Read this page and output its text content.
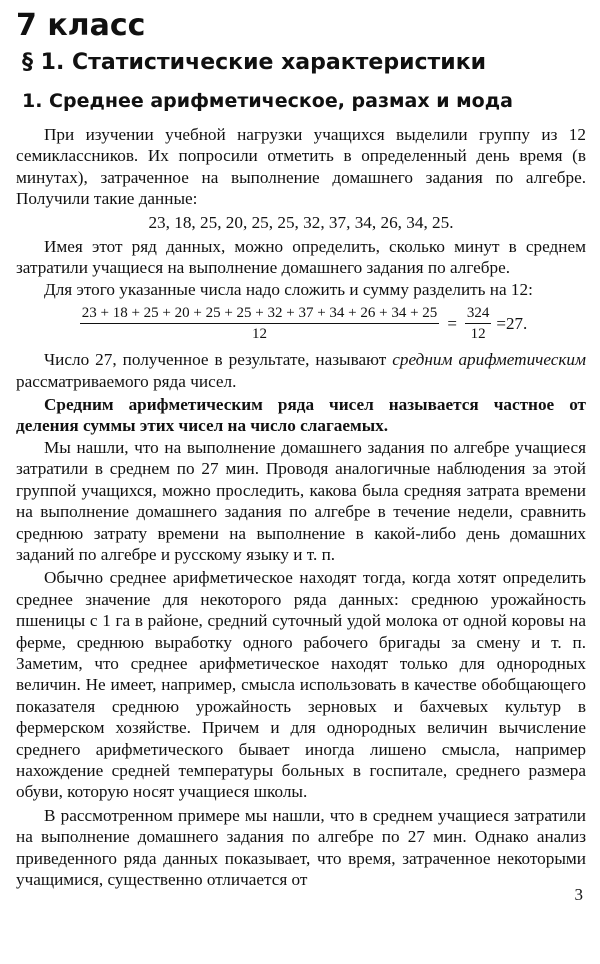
7 класс
§ 1. Статистические характеристики
1. Среднее арифметическое, размах и мода

При изучении учебной нагрузки учащихся выделили группу из 12 семиклассников. Их попросили отметить в определенный день время (в минутах), затраченное на выполнение домашнего задания по алгебре. Получили такие данные:

23, 18, 25, 20, 25, 25, 32, 37, 34, 26, 34, 25.

Имея этот ряд данных, можно определить, сколько минут в среднем затратили учащиеся на выполнение домашнего задания по алгебре.

Для этого указанные числа надо сложить и сумму разделить на 12:

$\frac{23 + 18 + 25 + 20 + 25 + 25 + 32 + 37 + 34 + 26 + 34 + 25}{12} = \frac{324}{12} =27$.

Число 27, полученное в результате, называют средним арифметическим рассматриваемого ряда чисел.

Средним арифметическим ряда чисел называется частное от деления суммы этих чисел на число слагаемых.

Мы нашли, что на выполнение домашнего задания по алгебре учащиеся затратили в среднем по 27 мин. Проводя аналогичные наблюдения за этой группой учащихся, можно проследить, какова была средняя затрата времени на выполнение домашнего задания по алгебре в течение недели, сравнить среднюю затрату времени на выполнение в какой-либо день домашних заданий по алгебре и русскому языку и т. п.

Обычно среднее арифметическое находят тогда, когда хотят определить среднее значение для некоторого ряда данных: среднюю урожайность пшеницы с 1 га в районе, средний суточный удой молока от одной коровы на ферме, среднюю выработку одного рабочего бригады за смену и т. п. Заметим, что среднее арифметическое находят только для однородных величин. Не имеет, например, смысла использовать в качестве обобщающего показателя среднюю урожайность зерновых и бахчевых культур в фермерском хозяйстве. Причем и для однородных величин вычисление среднего арифметического бывает иногда лишено смысла, например нахождение средней температуры больных в госпитале, среднего размера обуви, которую носят учащиеся школы.

В рассмотренном примере мы нашли, что в среднем учащиеся затратили на выполнение домашнего задания по алгебре по 27 мин. Однако анализ приведенного ряда данных показывает, что время, затраченное некоторыми учащимися, существенно отличается от

3
